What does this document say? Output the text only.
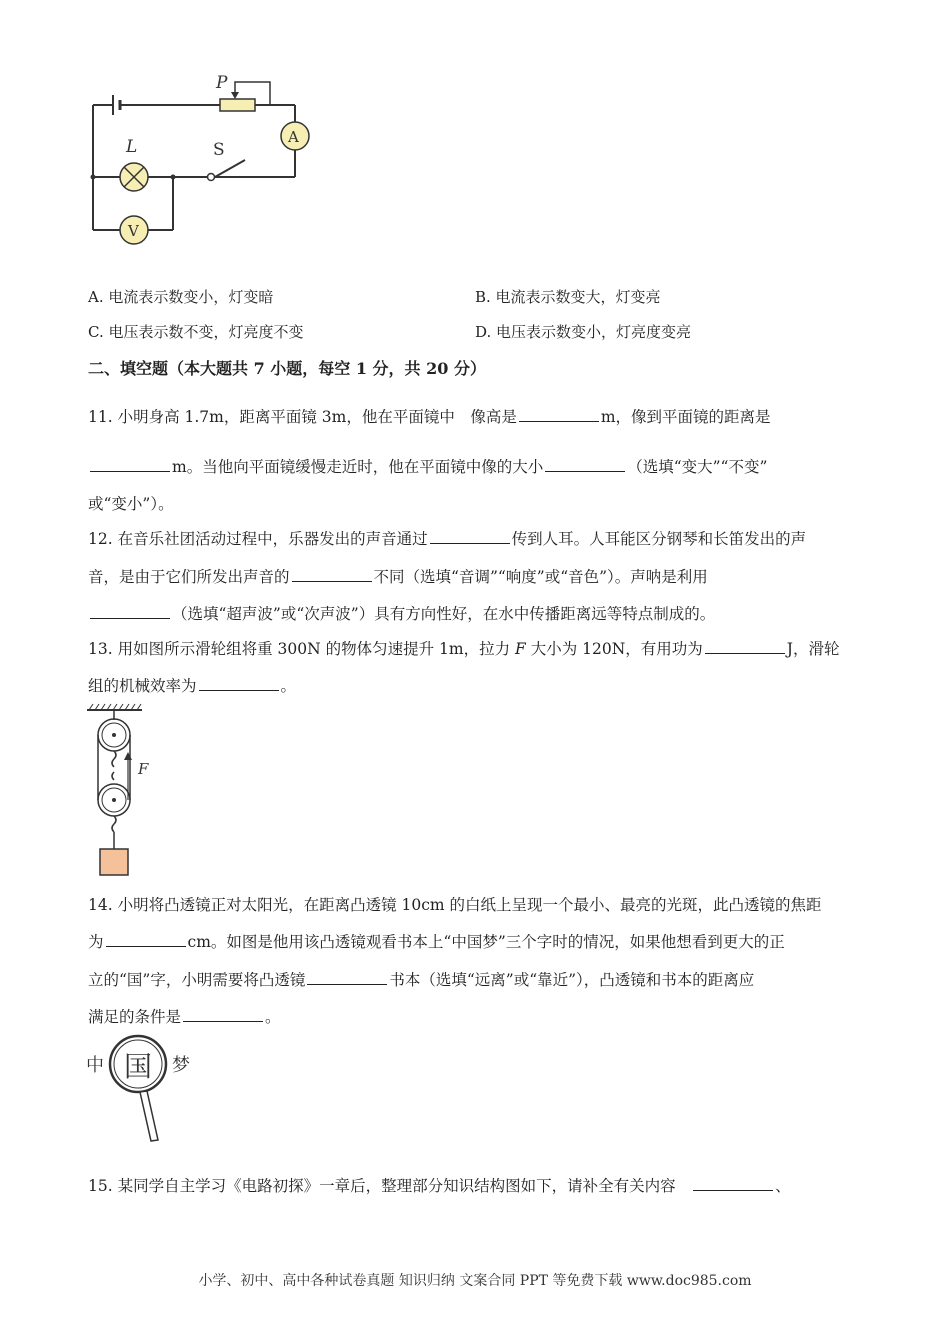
P
A
L	S
V
A. 电流表示数变小，灯变暗	B. 电流表示数变大，灯变亮
C. 电压表示数不变，灯亮度不变	D. 电压表示数变小，灯亮度变亮
二、填空题（本大题共 7 小题，每空 1 分，共 20 分）
11. 小明身高 1.7m，距离平面镜 3m，他在平面镜中　像高是	m，像到平面镜的距离是
m。当他向平面镜缓慢走近时，他在平面镜中像的大小	（选填“变大”“不变”
或“变小”）。
12. 在音乐社团活动过程中，乐器发出的声音通过	传到人耳。人耳能区分钢琴和长笛发出的声
音，是由于它们所发出声音的	不同（选填“音调”“响度”或“音色”）。声呐是利用
（选填“超声波”或“次声波”）具有方向性好，在水中传播距离远等特点制成的。
13. 用如图所示滑轮组将重 300N 的物体匀速提升 1m，拉力 F 大小为 120N，有用功为	J，滑轮
组的机械效率为	。
F
14. 小明将凸透镜正对太阳光，在距离凸透镜 10cm 的白纸上呈现一个最小、最亮的光斑，此凸透镜的焦距
为	cm。如图是他用该凸透镜观看书本上“中国梦”三个字时的情况，如果他想看到更大的正
立的“国”字，小明需要将凸透镜	书本（选填“远离”或“靠近”），凸透镜和书本的距离应
满足的条件是	。
中 国 梦
15. 某同学自主学习《电路初探》一章后，整理部分知识结构图如下，请补全有关内容　	、
小学、初中、高中各种试卷真题 知识归纳 文案合同 PPT 等免费下载 www.doc985.com
